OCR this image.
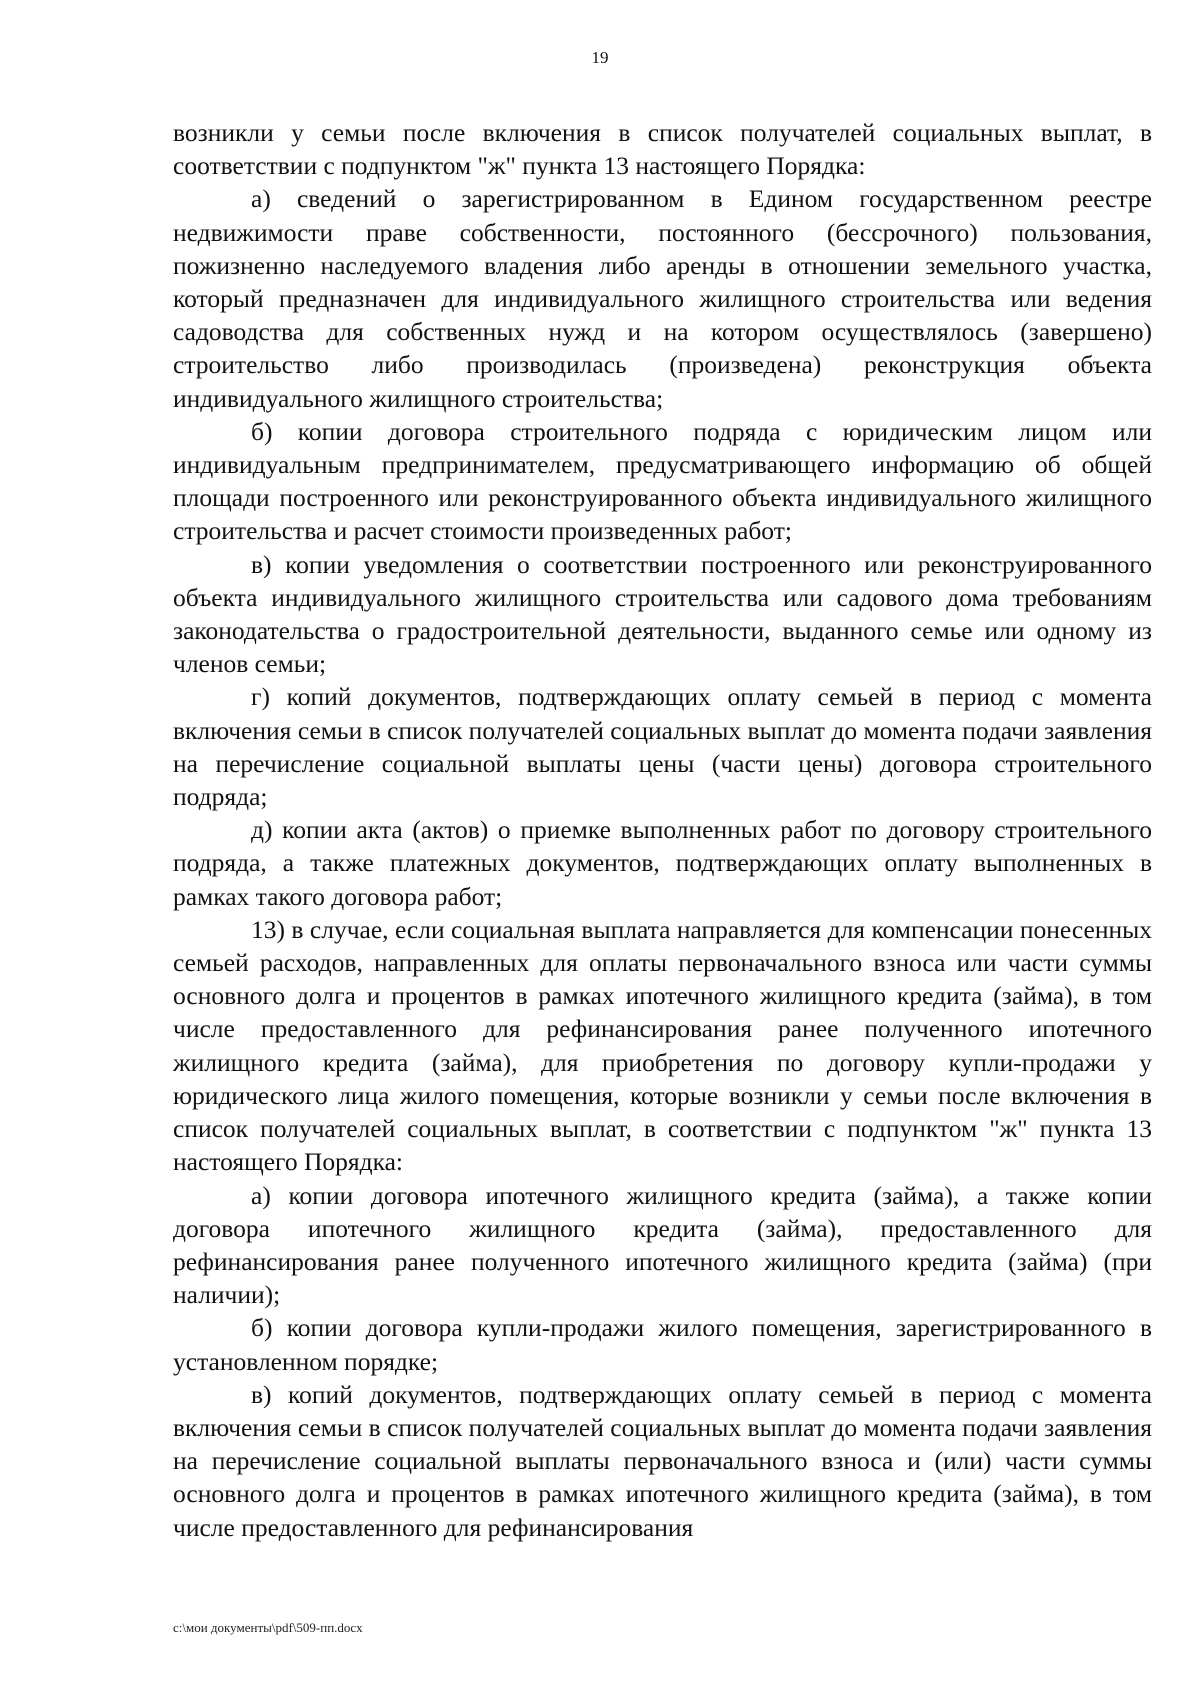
19

возникли у семьи после включения в список получателей социальных выплат, в соответствии с подпунктом "ж" пункта 13 настоящего Порядка:

а) сведений о зарегистрированном в Едином государственном реестре недвижимости праве собственности, постоянного (бессрочного) пользования, пожизненно наследуемого владения либо аренды в отношении земельного участка, который предназначен для индивидуального жилищного строительства или ведения садоводства для собственных нужд и на котором осуществлялось (завершено) строительство либо производилась (произведена) реконструкция объекта индивидуального жилищного строительства;

б) копии договора строительного подряда с юридическим лицом или индивидуальным предпринимателем, предусматривающего информацию об общей площади построенного или реконструированного объекта индивидуального жилищного строительства и расчет стоимости произведенных работ;

в) копии уведомления о соответствии построенного или реконструированного объекта индивидуального жилищного строительства или садового дома требованиям законодательства о градостроительной деятельности, выданного семье или одному из членов семьи;

г) копий документов, подтверждающих оплату семьей в период с момента включения семьи в список получателей социальных выплат до момента подачи заявления на перечисление социальной выплаты цены (части цены) договора строительного подряда;

д) копии акта (актов) о приемке выполненных работ по договору строительного подряда, а также платежных документов, подтверждающих оплату выполненных в рамках такого договора работ;

13) в случае, если социальная выплата направляется для компенсации понесенных семьей расходов, направленных для оплаты первоначального взноса или части суммы основного долга и процентов в рамках ипотечного жилищного кредита (займа), в том числе предоставленного для рефинансирования ранее полученного ипотечного жилищного кредита (займа), для приобретения по договору купли-продажи у юридического лица жилого помещения, которые возникли у семьи после включения в список получателей социальных выплат, в соответствии с подпунктом "ж" пункта 13 настоящего Порядка:

а) копии договора ипотечного жилищного кредита (займа), а также копии договора ипотечного жилищного кредита (займа), предоставленного для рефинансирования ранее полученного ипотечного жилищного кредита (займа) (при наличии);

б) копии договора купли-продажи жилого помещения, зарегистрированного в установленном порядке;

в) копий документов, подтверждающих оплату семьей в период с момента включения семьи в список получателей социальных выплат до момента подачи заявления на перечисление социальной выплаты первоначального взноса и (или) части суммы основного долга и процентов в рамках ипотечного жилищного кредита (займа), в том числе предоставленного для рефинансирования

c:\мои документы\pdf\509-пп.docx
